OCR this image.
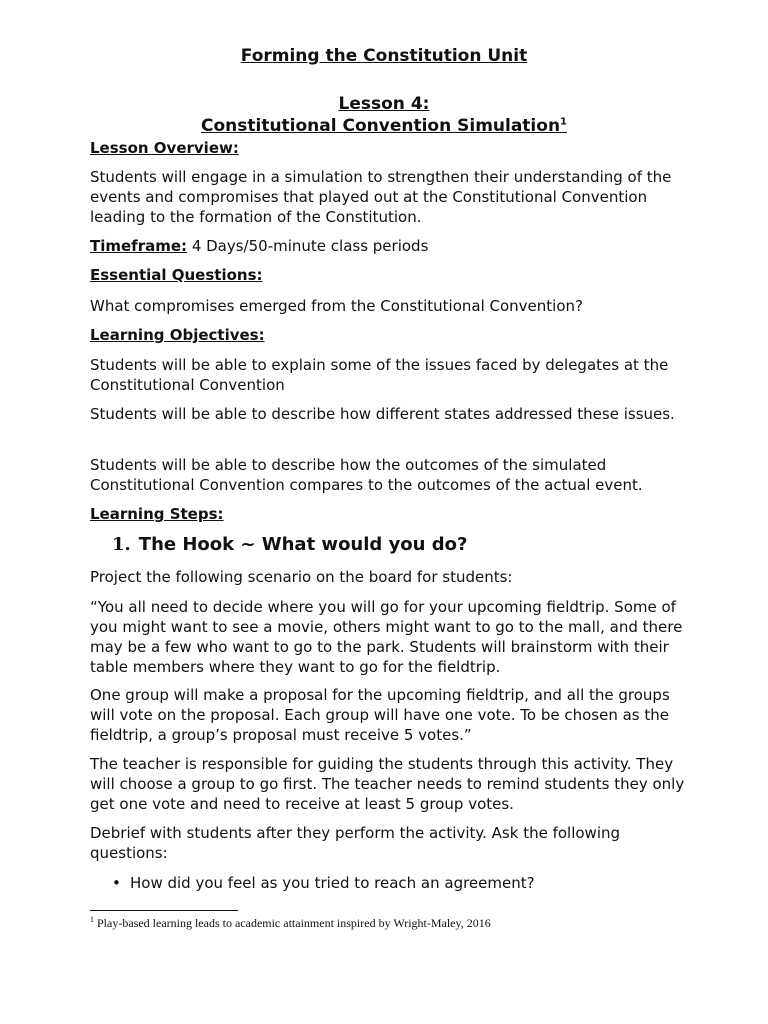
Forming the Constitution Unit
Lesson 4:
Constitutional Convention Simulation$^1$
Lesson Overview:

Students will engage in a simulation to strengthen their understanding of the events and compromises that played out at the Constitutional Convention leading to the formation of the Constitution.

Timeframe: 4 Days/50-minute class periods
Essential Questions:

What compromises emerged from the Constitutional Convention?

Learning Objectives:

Students will be able to explain some of the issues faced by delegates at the Constitutional Convention

Students will be able to describe how different states addressed these issues.

Students will be able to describe how the outcomes of the simulated Constitutional Convention compares to the outcomes of the actual event.

Learning Steps:
1. The Hook ~ What would you do?

Project the following scenario on the board for students:

“You all need to decide where you will go for your upcoming fieldtrip. Some of you might want to see a movie, others might want to go to the mall, and there may be a few who want to go to the park. Students will brainstorm with their table members where they want to go for the fieldtrip.

One group will make a proposal for the upcoming fieldtrip, and all the groups will vote on the proposal. Each group will have one vote. To be chosen as the fieldtrip, a group’s proposal must receive 5 votes.”

The teacher is responsible for guiding the students through this activity. They will choose a group to go first. The teacher needs to remind students they only get one vote and need to receive at least 5 group votes.

Debrief with students after they perform the activity. Ask the following questions:

• How did you feel as you tried to reach an agreement?
$^1$ Play-based learning leads to academic attainment inspired by Wright-Maley, 2016
